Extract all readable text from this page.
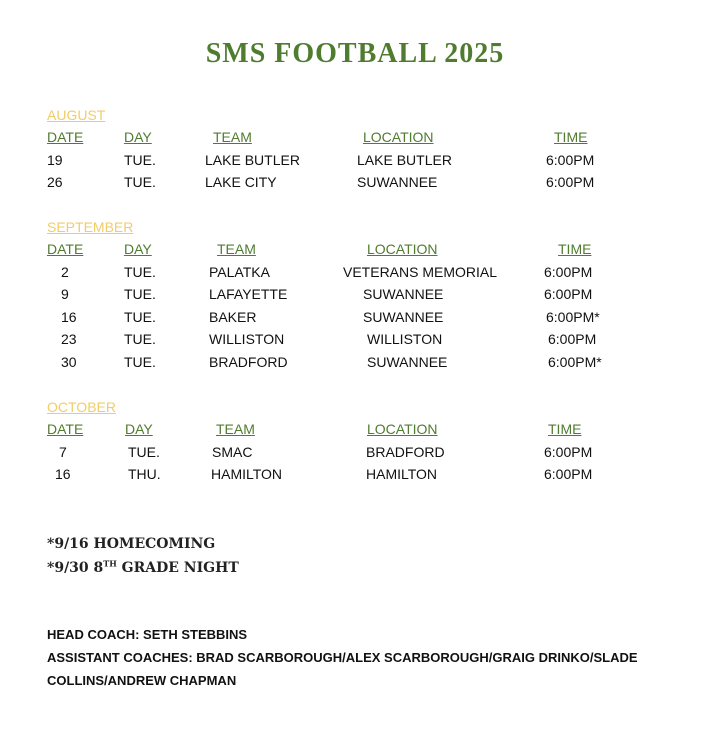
SMS FOOTBALL 2025
AUGUST
DATE	DAY	TEAM	LOCATION	TIME
19	TUE.	LAKE BUTLER	LAKE BUTLER	6:00PM
26	TUE.	LAKE CITY	SUWANNEE	6:00PM
SEPTEMBER
DATE	DAY	TEAM	LOCATION	TIME
2	TUE.	PALATKA	VETERANS MEMORIAL	6:00PM
9	TUE.	LAFAYETTE	SUWANNEE	6:00PM
16	TUE.	BAKER	SUWANNEE	6:00PM*
23	TUE.	WILLISTON	WILLISTON	6:00PM
30	TUE.	BRADFORD	SUWANNEE	6:00PM*
OCTOBER
DATE	DAY	TEAM	LOCATION	TIME
7	TUE.	SMAC	BRADFORD	6:00PM
16	THU.	HAMILTON	HAMILTON	6:00PM
*9/16 HOMECOMING
*9/30 8TH GRADE NIGHT
HEAD COACH: SETH STEBBINS
ASSISTANT COACHES: BRAD SCARBOROUGH/ALEX SCARBOROUGH/GRAIG DRINKO/SLADE
COLLINS/ANDREW CHAPMAN
